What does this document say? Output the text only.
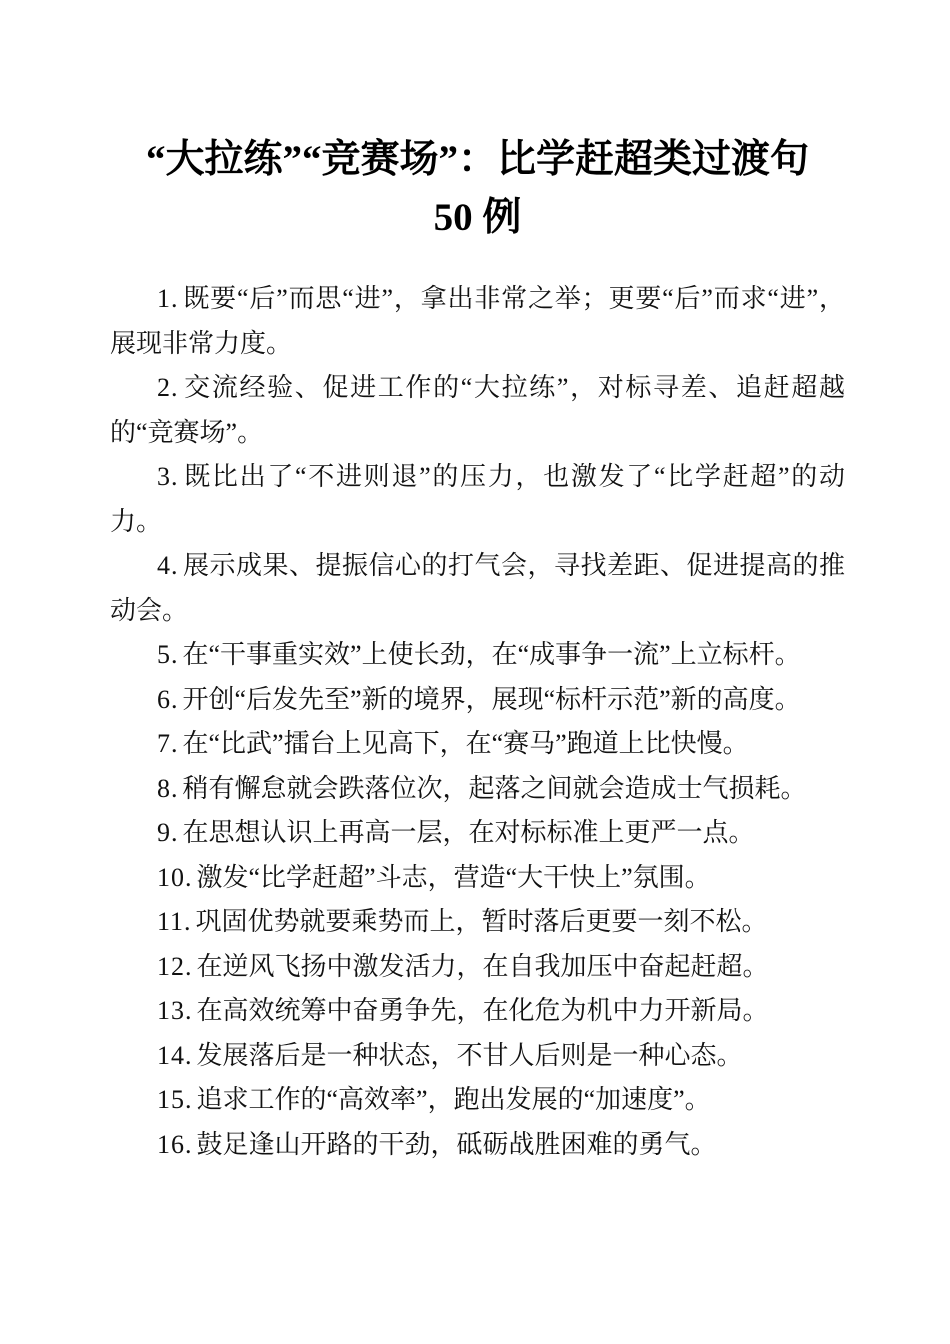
“大拉练”“竞赛场”：比学赶超类过渡句
50 例

1. 既要“后”而思“进”，拿出非常之举；更要“后”而求“进”，展现非常力度。

2. 交流经验、促进工作的“大拉练”，对标寻差、追赶超越的“竞赛场”。

3. 既比出了“不进则退”的压力，也激发了“比学赶超”的动力。

4. 展示成果、提振信心的打气会，寻找差距、促进提高的推动会。

5. 在“干事重实效”上使长劲，在“成事争一流”上立标杆。

6. 开创“后发先至”新的境界，展现“标杆示范”新的高度。

7. 在“比武”擂台上见高下，在“赛马”跑道上比快慢。

8. 稍有懈怠就会跌落位次，起落之间就会造成士气损耗。

9. 在思想认识上再高一层，在对标标准上更严一点。

10. 激发“比学赶超”斗志，营造“大干快上”氛围。

11. 巩固优势就要乘势而上，暂时落后更要一刻不松。

12. 在逆风飞扬中激发活力，在自我加压中奋起赶超。

13. 在高效统筹中奋勇争先，在化危为机中力开新局。

14. 发展落后是一种状态，不甘人后则是一种心态。

15. 追求工作的“高效率”，跑出发展的“加速度”。

16. 鼓足逢山开路的干劲，砥砺战胜困难的勇气。
